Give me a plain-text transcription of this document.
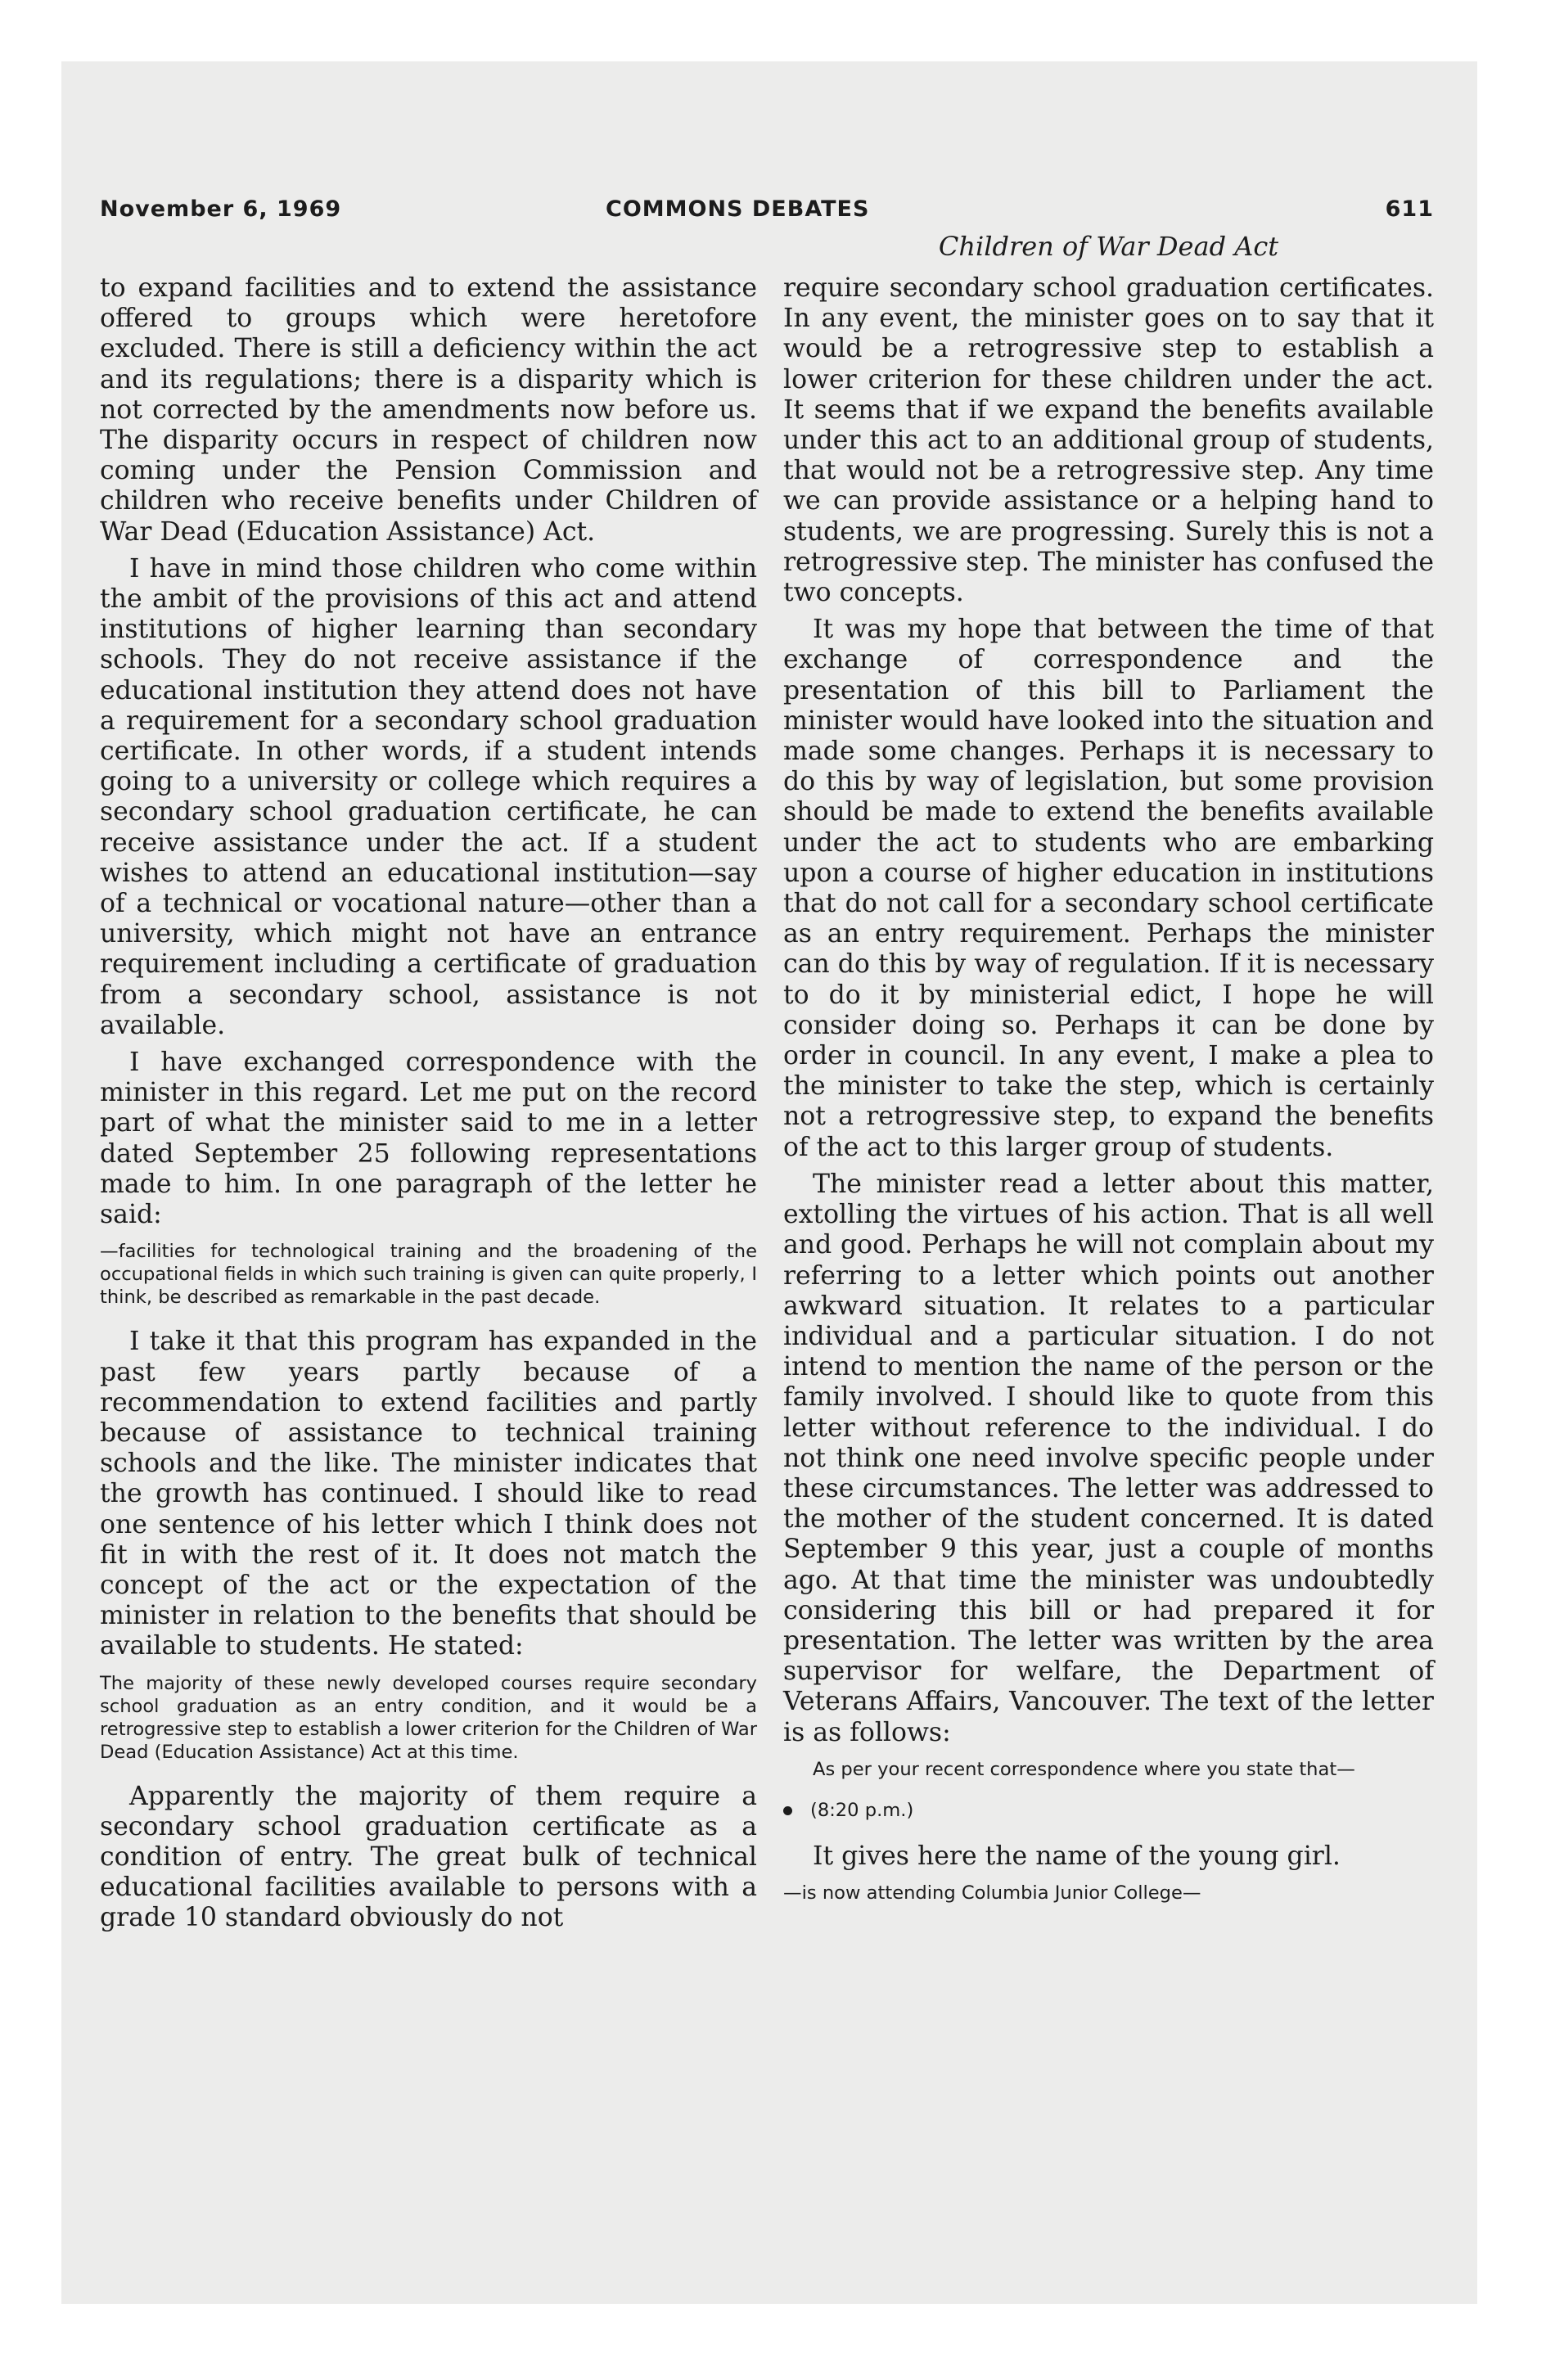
November 6, 1969	COMMONS DEBATES	611
Children of War Dead Act

to expand facilities and to extend the assistance offered to groups which were heretofore excluded. There is still a deficiency within the act and its regulations; there is a disparity which is not corrected by the amendments now before us. The disparity occurs in respect of children now coming under the Pension Commission and children who receive benefits under Children of War Dead (Education Assistance) Act.

I have in mind those children who come within the ambit of the provisions of this act and attend institutions of higher learning than secondary schools. They do not receive assistance if the educational institution they attend does not have a requirement for a secondary school graduation certificate. In other words, if a student intends going to a university or college which requires a secondary school graduation certificate, he can receive assistance under the act. If a student wishes to attend an educational institution—say of a technical or vocational nature—other than a university, which might not have an entrance requirement including a certificate of graduation from a secondary school, assistance is not available.

I have exchanged correspondence with the minister in this regard. Let me put on the record part of what the minister said to me in a letter dated September 25 following representations made to him. In one paragraph of the letter he said:

—facilities for technological training and the broadening of the occupational fields in which such training is given can quite properly, I think, be described as remarkable in the past decade.

I take it that this program has expanded in the past few years partly because of a recommendation to extend facilities and partly because of assistance to technical training schools and the like. The minister indicates that the growth has continued. I should like to read one sentence of his letter which I think does not fit in with the rest of it. It does not match the concept of the act or the expectation of the minister in relation to the benefits that should be available to students. He stated:

The majority of these newly developed courses require secondary school graduation as an entry condition, and it would be a retrogressive step to establish a lower criterion for the Children of War Dead (Education Assistance) Act at this time.

Apparently the majority of them require a secondary school graduation certificate as a condition of entry. The great bulk of technical educational facilities available to persons with a grade 10 standard obviously do not

require secondary school graduation certificates. In any event, the minister goes on to say that it would be a retrogressive step to establish a lower criterion for these children under the act. It seems that if we expand the benefits available under this act to an additional group of students, that would not be a retrogressive step. Any time we can provide assistance or a helping hand to students, we are progressing. Surely this is not a retrogressive step. The minister has confused the two concepts.

It was my hope that between the time of that exchange of correspondence and the presentation of this bill to Parliament the minister would have looked into the situation and made some changes. Perhaps it is necessary to do this by way of legislation, but some provision should be made to extend the benefits available under the act to students who are embarking upon a course of higher education in institutions that do not call for a secondary school certificate as an entry requirement. Perhaps the minister can do this by way of regulation. If it is necessary to do it by ministerial edict, I hope he will consider doing so. Perhaps it can be done by order in council. In any event, I make a plea to the minister to take the step, which is certainly not a retrogressive step, to expand the benefits of the act to this larger group of students.

The minister read a letter about this matter, extolling the virtues of his action. That is all well and good. Perhaps he will not complain about my referring to a letter which points out another awkward situation. It relates to a particular individual and a particular situation. I do not intend to mention the name of the person or the family involved. I should like to quote from this letter without reference to the individual. I do not think one need involve specific people under these circumstances. The letter was addressed to the mother of the student concerned. It is dated September 9 this year, just a couple of months ago. At that time the minister was undoubtedly considering this bill or had prepared it for presentation. The letter was written by the area supervisor for welfare, the Department of Veterans Affairs, Vancouver. The text of the letter is as follows:

As per your recent correspondence where you state that—

(8:20 p.m.)

It gives here the name of the young girl.

—is now attending Columbia Junior College—
